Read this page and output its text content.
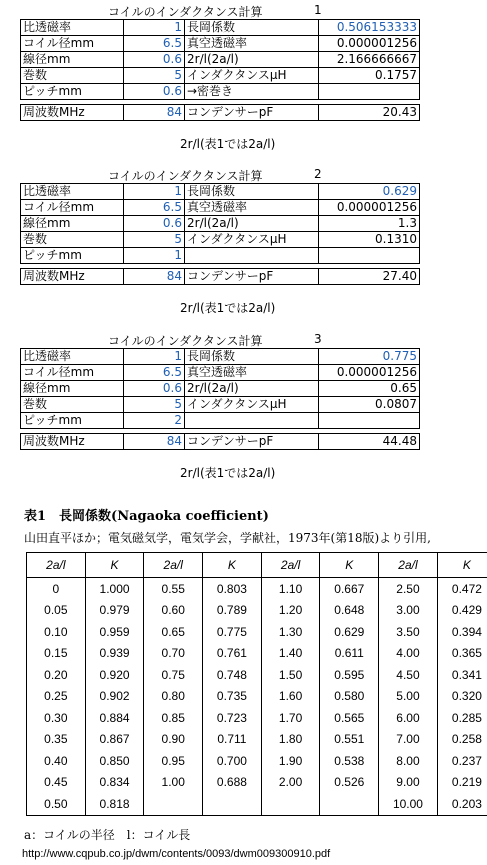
コイルのインダクタンス計算	1
比透磁率	1	長岡係数	0.506153333
コイル径mm	6.5	真空透磁率	0.000001256
線径mm	0.6	2r/l(2a/l)	2.166666667
巻数	5	インダクタンスμH	0.1757
ピッチmm	0.6	→密巻き	

周波数MHz	84	コンデンサーpF	20.43
2r/l(表1では2a/l)
コイルのインダクタンス計算	2
比透磁率	1	長岡係数	0.629
コイル径mm	6.5	真空透磁率	0.000001256
線径mm	0.6	2r/l(2a/l)	1.3
巻数	5	インダクタンスμH	0.1310
ピッチmm	1		

周波数MHz	84	コンデンサーpF	27.40
2r/l(表1では2a/l)
コイルのインダクタンス計算	3
比透磁率	1	長岡係数	0.775
コイル径mm	6.5	真空透磁率	0.000001256
線径mm	0.6	2r/l(2a/l)	0.65
巻数	5	インダクタンスμH	0.0807
ピッチmm	2		

周波数MHz	84	コンデンサーpF	44.48
2r/l(表1では2a/l)
表1　長岡係数(Nagaoka coefficient)
山田直平ほか；電気磁気学，電気学会，学献社，1973年(第18版)より引用,
2a/l	K	2a/l	K	2a/l	K	2a/l	K
0	1.000	0.55	0.803	1.10	0.667	2.50	0.472
0.05	0.979	0.60	0.789	1.20	0.648	3.00	0.429
0.10	0.959	0.65	0.775	1.30	0.629	3.50	0.394
0.15	0.939	0.70	0.761	1.40	0.611	4.00	0.365
0.20	0.920	0.75	0.748	1.50	0.595	4.50	0.341
0.25	0.902	0.80	0.735	1.60	0.580	5.00	0.320
0.30	0.884	0.85	0.723	1.70	0.565	6.00	0.285
0.35	0.867	0.90	0.711	1.80	0.551	7.00	0.258
0.40	0.850	0.95	0.700	1.90	0.538	8.00	0.237
0.45	0.834	1.00	0.688	2.00	0.526	9.00	0.219
0.50	0.818					10.00	0.203
a：コイルの半径　l：コイル長
http://www.cqpub.co.jp/dwm/contents/0093/dwm009300910.pdf
